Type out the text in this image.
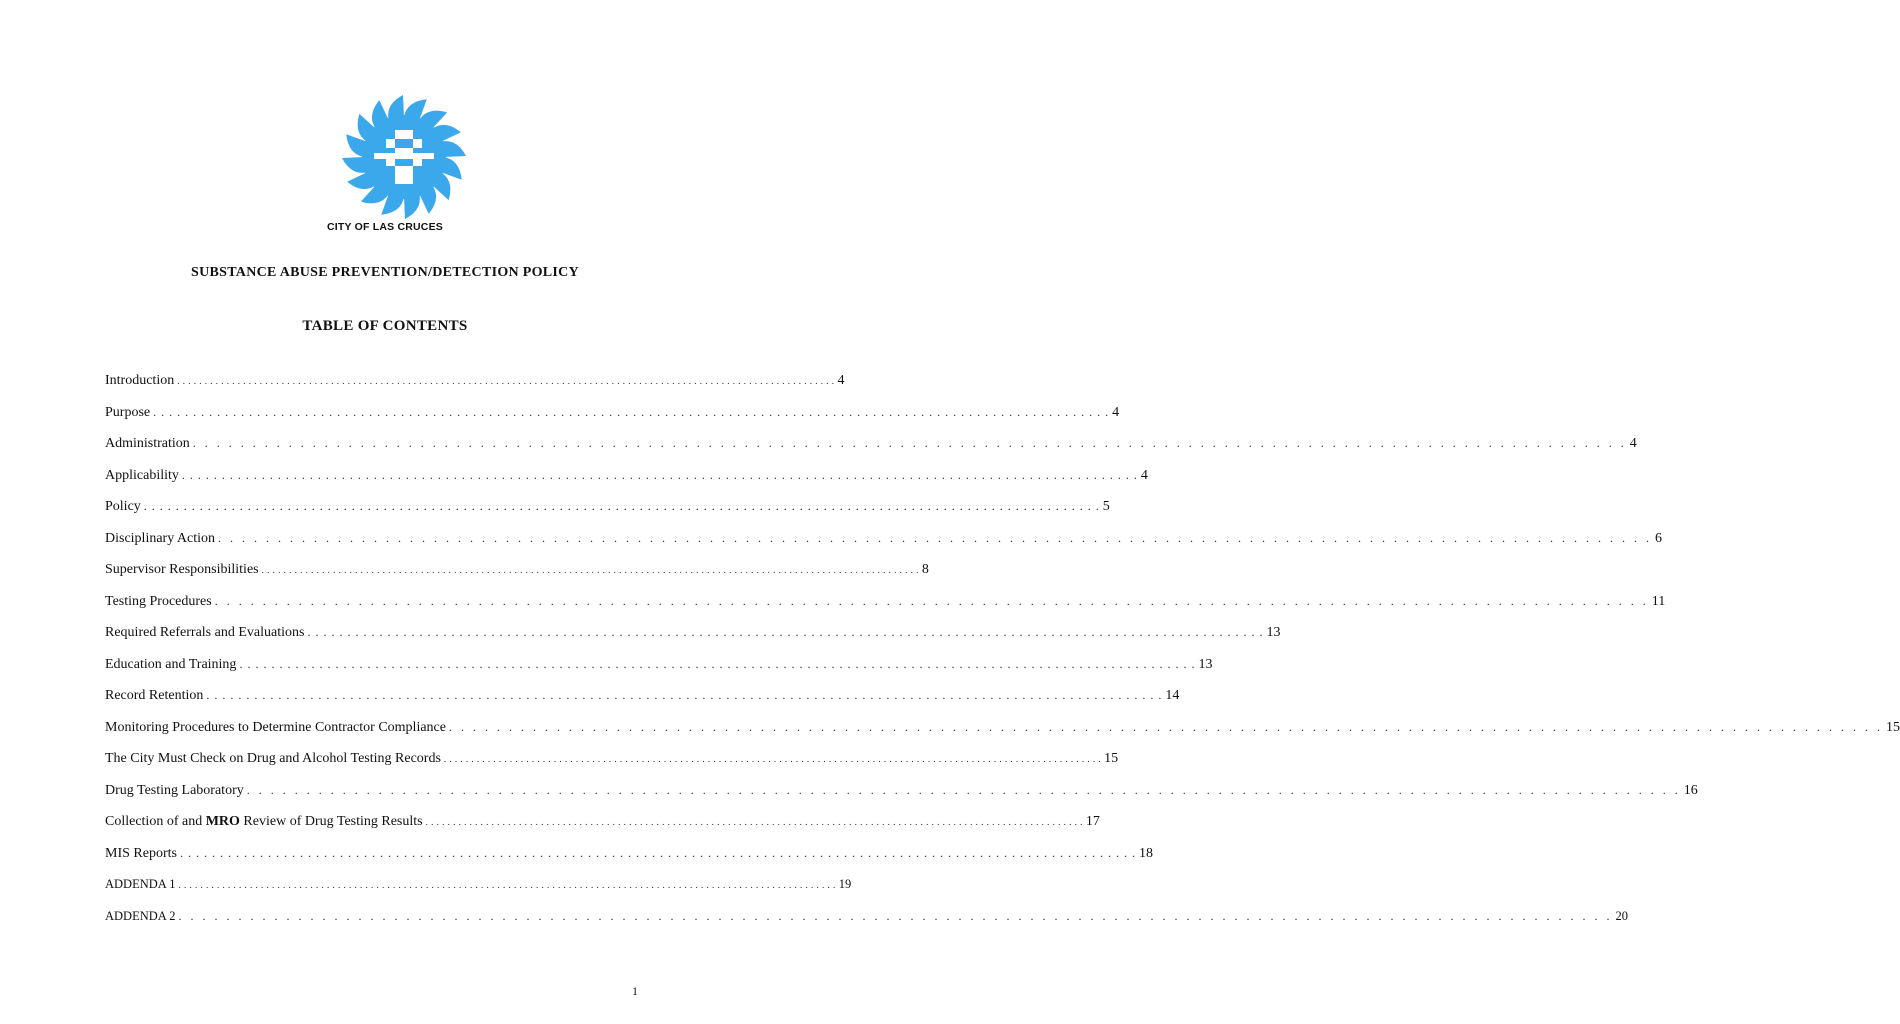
CITY OF LAS CRUCES
SUBSTANCE ABUSE PREVENTION/DETECTION POLICY
TABLE OF CONTENTS
Introduction . . . . . . . . . . . . . . . . . . . . . . . . . . . . . . . . . . . . . . . . . . . . . . . . . . . . . . . . . . . . . . . . . . . . . . . . . . . . . . . . . . . . . . . . . . . . . . . . . . . . . . . . . . . . . . . . . . . . . . . . 4
Purpose . . . . . . . . . . . . . . . . . . . . . . . . . . . . . . . . . . . . . . . . . . . . . . . . . . . . . . . . . . . . . . . . . . . . . . . . . . . . . . . . . . . . . . . . . . . . . . . . . . . . . . . . . . . . . . . . . . . . . . . . 4
Administration . . . . . . . . . . . . . . . . . . . . . . . . . . . . . . . . . . . . . . . . . . . . . . . . . . . . . . . . . . . . . . . . . . . . . . . . . . . . . . . . . . . . . . . . . . . . . . . . . . . . . . . . . . . . . . . . . . . . . . . . 4
Applicability . . . . . . . . . . . . . . . . . . . . . . . . . . . . . . . . . . . . . . . . . . . . . . . . . . . . . . . . . . . . . . . . . . . . . . . . . . . . . . . . . . . . . . . . . . . . . . . . . . . . . . . . . . . . . . . . . . . . . . . . 4
Policy . . . . . . . . . . . . . . . . . . . . . . . . . . . . . . . . . . . . . . . . . . . . . . . . . . . . . . . . . . . . . . . . . . . . . . . . . . . . . . . . . . . . . . . . . . . . . . . . . . . . . . . . . . . . . . . . . . . . . . . . 5
Disciplinary Action . . . . . . . . . . . . . . . . . . . . . . . . . . . . . . . . . . . . . . . . . . . . . . . . . . . . . . . . . . . . . . . . . . . . . . . . . . . . . . . . . . . . . . . . . . . . . . . . . . . . . . . . . . . . . . . . . . . . . . . . 6
Supervisor Responsibilities . . . . . . . . . . . . . . . . . . . . . . . . . . . . . . . . . . . . . . . . . . . . . . . . . . . . . . . . . . . . . . . . . . . . . . . . . . . . . . . . . . . . . . . . . . . . . . . . . . . . . . . . . . . . . . . . . . . . . . . . 8
Testing Procedures . . . . . . . . . . . . . . . . . . . . . . . . . . . . . . . . . . . . . . . . . . . . . . . . . . . . . . . . . . . . . . . . . . . . . . . . . . . . . . . . . . . . . . . . . . . . . . . . . . . . . . . . . . . . . . . . . . . . . . . . 11
Required Referrals and Evaluations . . . . . . . . . . . . . . . . . . . . . . . . . . . . . . . . . . . . . . . . . . . . . . . . . . . . . . . . . . . . . . . . . . . . . . . . . . . . . . . . . . . . . . . . . . . . . . . . . . . . . . . . . . . . . . . . . . . . . . . . 13
Education and Training . . . . . . . . . . . . . . . . . . . . . . . . . . . . . . . . . . . . . . . . . . . . . . . . . . . . . . . . . . . . . . . . . . . . . . . . . . . . . . . . . . . . . . . . . . . . . . . . . . . . . . . . . . . . . . . . . . . . . . . . 13
Record Retention . . . . . . . . . . . . . . . . . . . . . . . . . . . . . . . . . . . . . . . . . . . . . . . . . . . . . . . . . . . . . . . . . . . . . . . . . . . . . . . . . . . . . . . . . . . . . . . . . . . . . . . . . . . . . . . . . . . . . . . . 14
Monitoring Procedures to Determine Contractor Compliance . . . . . . . . . . . . . . . . . . . . . . . . . . . . . . . . . . . . . . . . . . . . . . . . . . . . . . . . . . . . . . . . . . . . . . . . . . . . . . . . . . . . . . . . . . . . . . . . . . . . . . . . . . . . . . . . . . . . . . . . 15
The City Must Check on Drug and Alcohol Testing Records . . . . . . . . . . . . . . . . . . . . . . . . . . . . . . . . . . . . . . . . . . . . . . . . . . . . . . . . . . . . . . . . . . . . . . . . . . . . . . . . . . . . . . . . . . . . . . . . . . . . . . . . . . . . . . . . . . . . . . . . 15
Drug Testing Laboratory . . . . . . . . . . . . . . . . . . . . . . . . . . . . . . . . . . . . . . . . . . . . . . . . . . . . . . . . . . . . . . . . . . . . . . . . . . . . . . . . . . . . . . . . . . . . . . . . . . . . . . . . . . . . . . . . . . . . . . . . 16
Collection of and MRO Review of Drug Testing Results . . . . . . . . . . . . . . . . . . . . . . . . . . . . . . . . . . . . . . . . . . . . . . . . . . . . . . . . . . . . . . . . . . . . . . . . . . . . . . . . . . . . . . . . . . . . . . . . . . . . . . . . . . . . . . . . . . . . . . . . 17
MIS Reports . . . . . . . . . . . . . . . . . . . . . . . . . . . . . . . . . . . . . . . . . . . . . . . . . . . . . . . . . . . . . . . . . . . . . . . . . . . . . . . . . . . . . . . . . . . . . . . . . . . . . . . . . . . . . . . . . . . . . . . . 18
ADDENDA 1 . . . . . . . . . . . . . . . . . . . . . . . . . . . . . . . . . . . . . . . . . . . . . . . . . . . . . . . . . . . . . . . . . . . . . . . . . . . . . . . . . . . . . . . . . . . . . . . . . . . . . . . . . . . . . . . . . . . . . . . . 19
ADDENDA 2 . . . . . . . . . . . . . . . . . . . . . . . . . . . . . . . . . . . . . . . . . . . . . . . . . . . . . . . . . . . . . . . . . . . . . . . . . . . . . . . . . . . . . . . . . . . . . . . . . . . . . . . . . . . . . . . . . . . . . . . . 20
1
